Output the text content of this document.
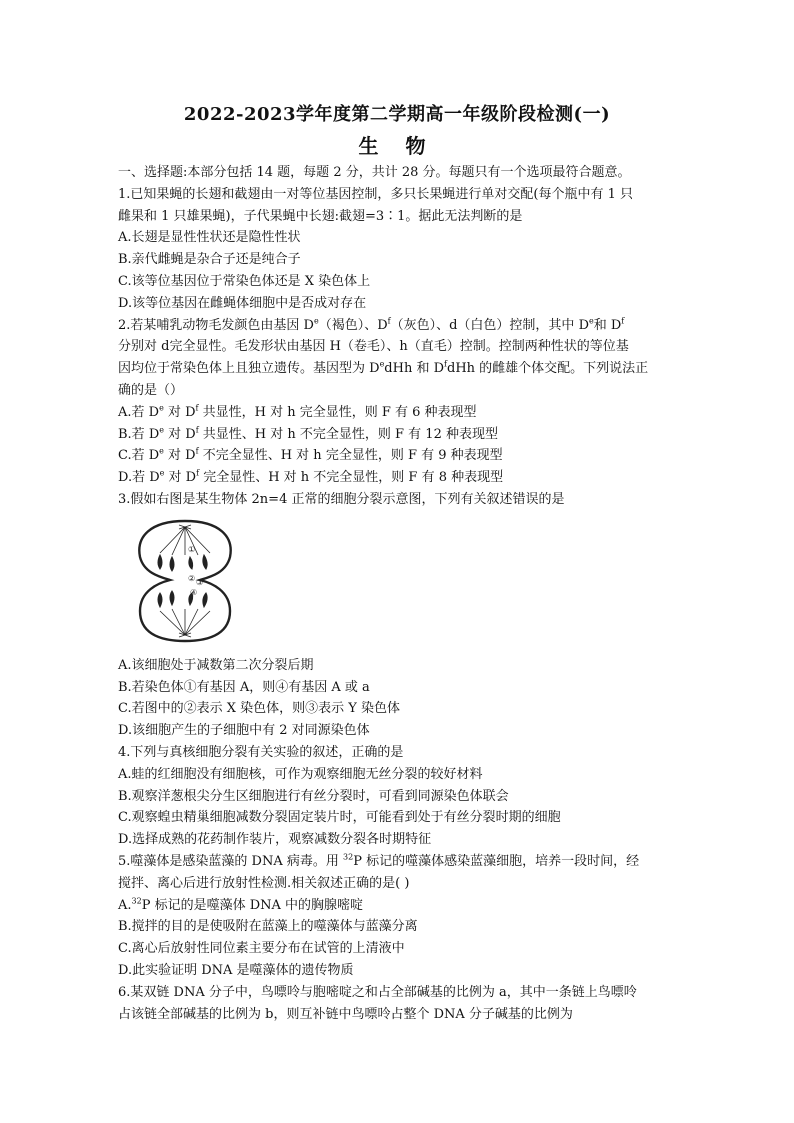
2022-2023学年度第二学期高一年级阶段检测(一)
生 物
一、选择题:本部分包括 14 题，每题 2 分，共计 28 分。每题只有一个选项最符合题意。
1.已知果蝇的长翅和截翅由一对等位基因控制，多只长果蝇进行单对交配(每个瓶中有 1 只
雌果和 1 只雄果蝇)，子代果蝇中长翅:截翅=3∶1。据此无法判断的是
A.长翅是显性性状还是隐性性状
B.亲代雌蝇是杂合子还是纯合子
C.该等位基因位于常染色体还是 X 染色体上
D.该等位基因在雌蝇体细胞中是否成对存在
2.若某哺乳动物毛发颜色由基因 De（褐色）、$D^f$（灰色）、d（白色）控制，其中 De和 $D^f$
分别对 d完全显性。毛发形状由基因 H（卷毛）、h（直毛）控制。控制两种性状的等位基
因均位于常染色体上且独立遗传。基因型为 DedHh 和 $D^fdHh$ 的雌雄个体交配。下列说法正
确的是（）
A.若 De 对 $D^f$ 共显性，H 对 h 完全显性，则 F 有 6 种表现型
B.若 De 对 $D^f$ 共显性、H 对 h 不完全显性，则 F 有 12 种表现型
C.若 De 对 $D^f$ 不完全显性、H 对 h 完全显性，则 F 有 9 种表现型
D.若 De 对 $D^f$ 完全显性、H 对 h 不完全显性，则 F 有 8 种表现型
3.假如右图是某生物体 2n=4 正常的细胞分裂示意图，下列有关叙述错误的是
①
② ③
④
A.该细胞处于减数第二次分裂后期
B.若染色体①有基因 A，则④有基因 A 或 a
C.若图中的②表示 X 染色体，则③表示 Y 染色体
D.该细胞产生的子细胞中有 2 对同源染色体
4.下列与真核细胞分裂有关实验的叙述，正确的是
A.蛙的红细胞没有细胞核，可作为观察细胞无丝分裂的较好材料
B.观察洋葱根尖分生区细胞进行有丝分裂时，可看到同源染色体联会
C.观察蝗虫精巢细胞减数分裂固定装片时，可能看到处于有丝分裂时期的细胞
D.选择成熟的花药制作装片，观察减数分裂各时期特征
5.噬藻体是感染蓝藻的 DNA 病毒。用 $^{32}$P 标记的噬藻体感染蓝藻细胞，培养一段时间，经
搅拌、离心后进行放射性检测.相关叙述正确的是( )
A.$^{32}$P 标记的是噬藻体 DNA 中的胸腺嘧啶
B.搅拌的目的是使吸附在蓝藻上的噬藻体与蓝藻分离
C.离心后放射性同位素主要分布在试管的上清液中
D.此实验证明 DNA 是噬藻体的遗传物质
6.某双链 DNA 分子中，鸟嘌呤与胞嘧啶之和占全部碱基的比例为 a，其中一条链上鸟嘌呤
占该链全部碱基的比例为 b，则互补链中鸟嘌呤占整个 DNA 分子碱基的比例为
